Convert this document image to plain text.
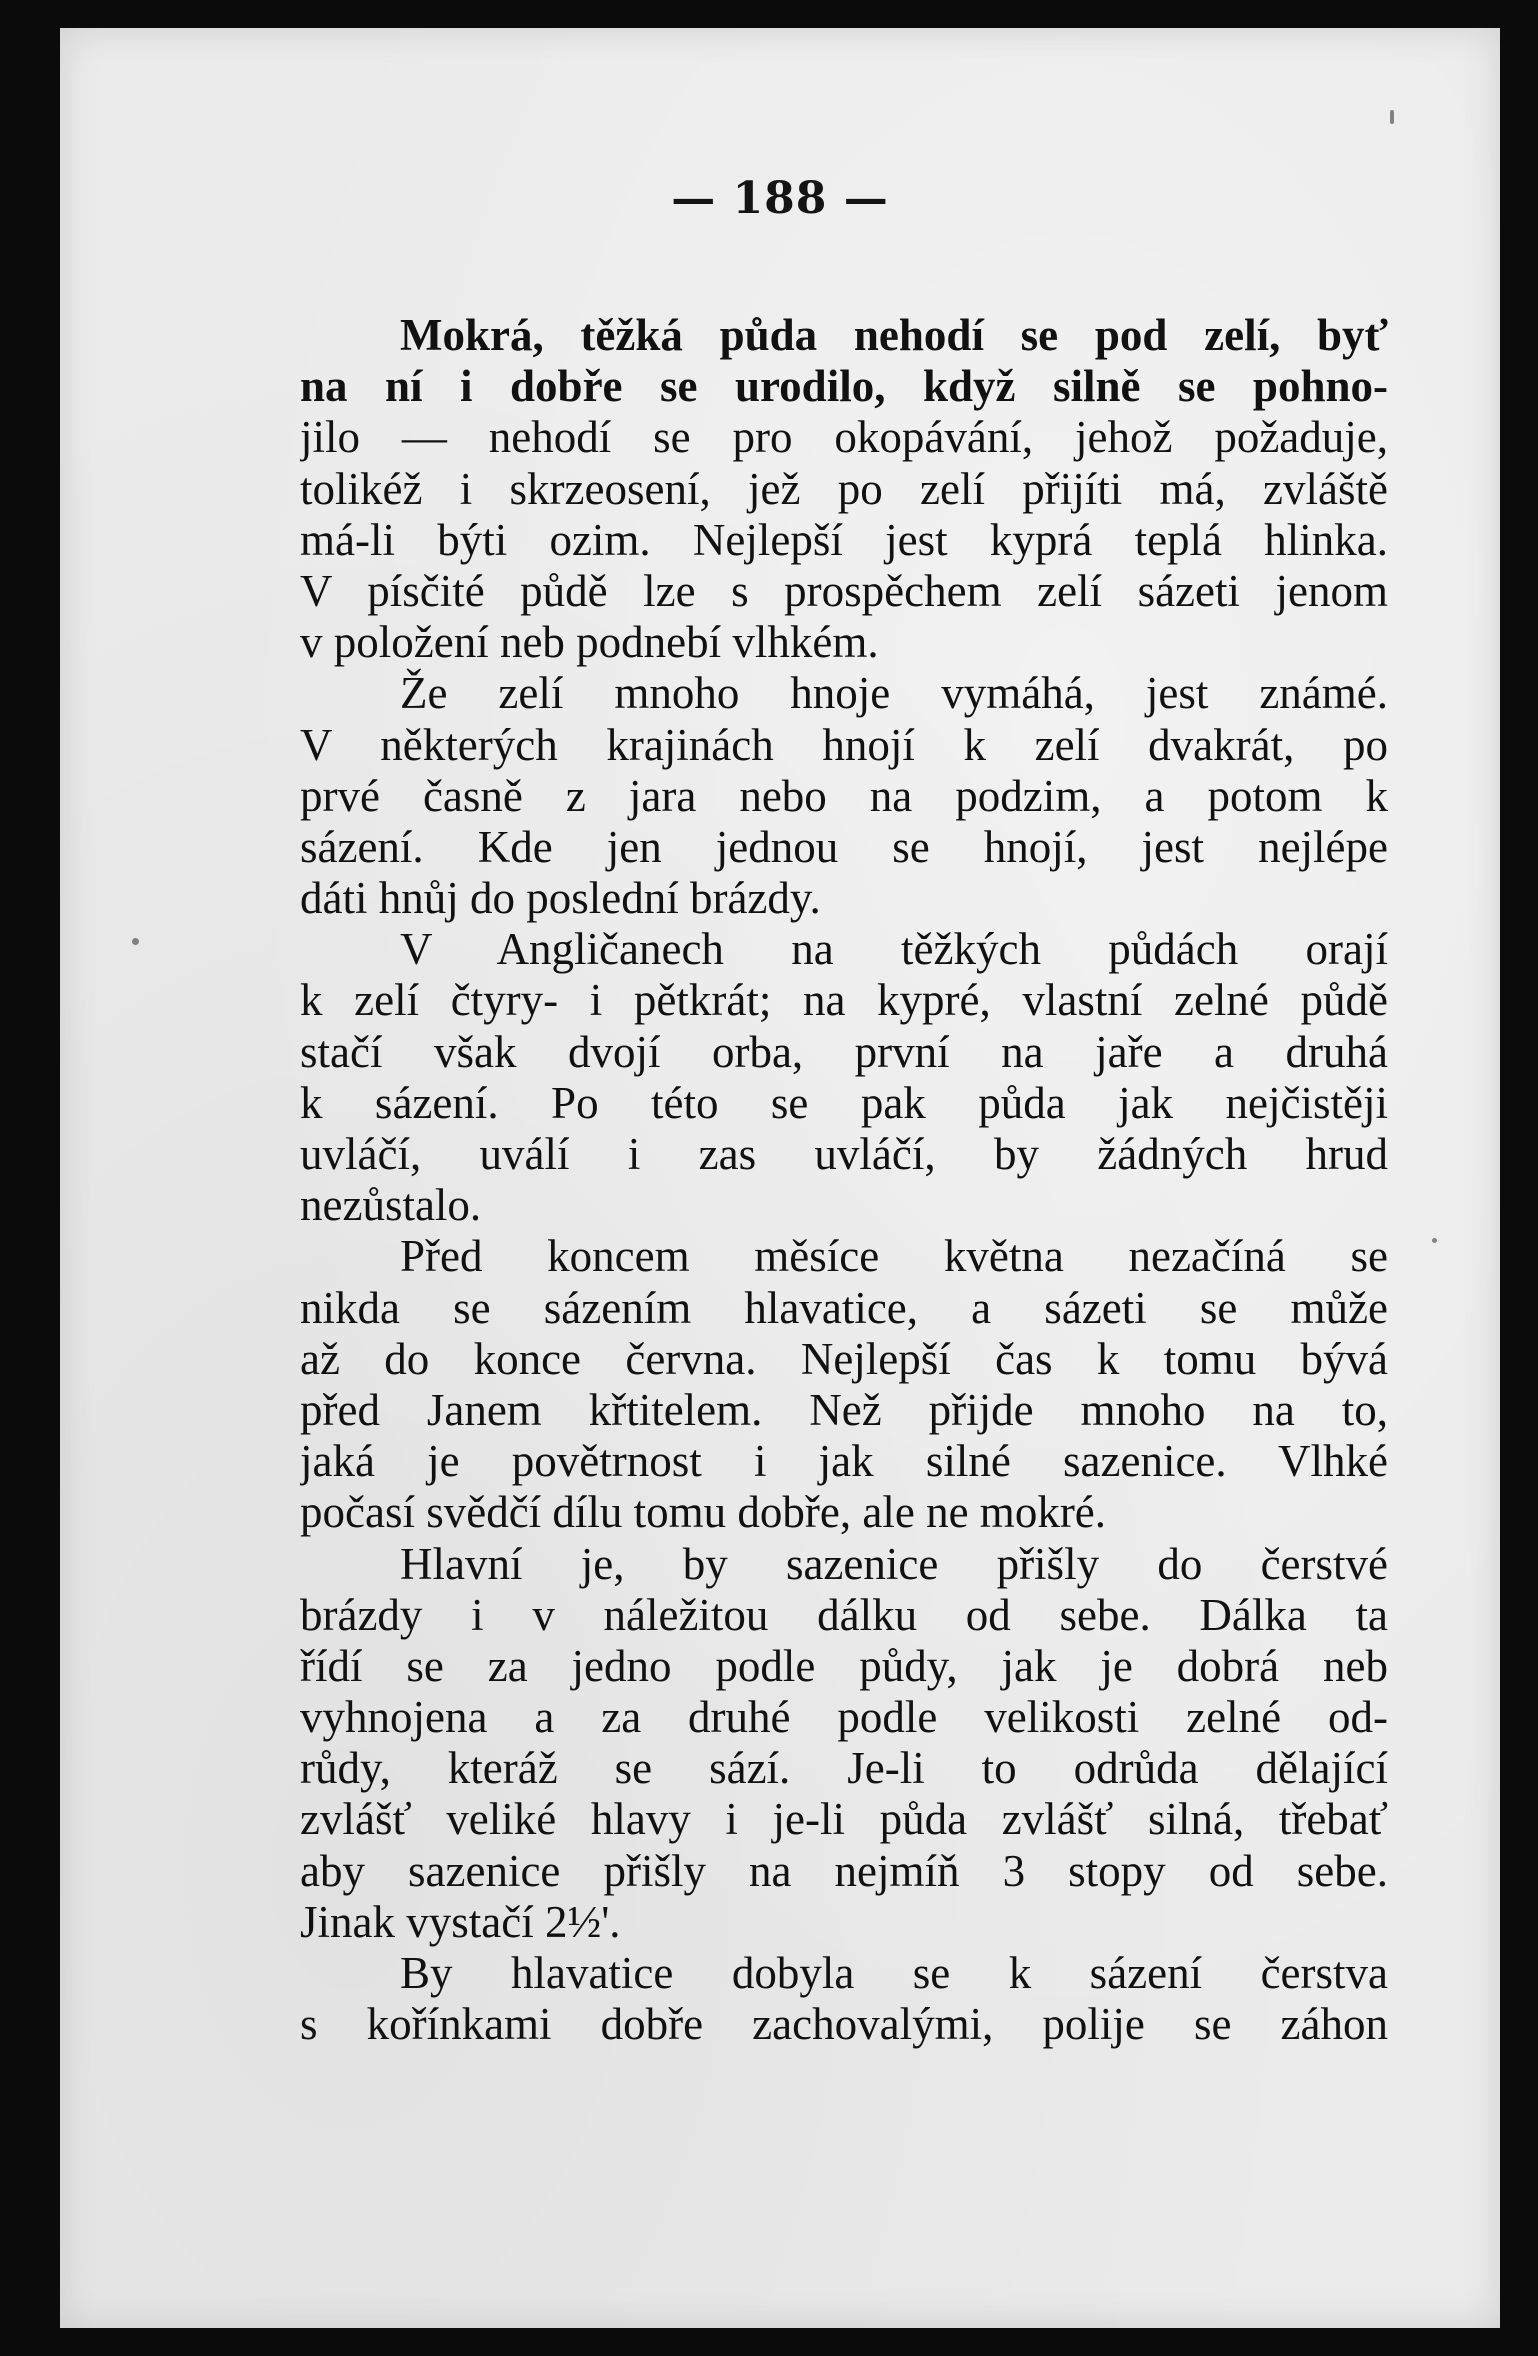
— 188 —
Mokrá, těžká půda nehodí se pod zelí, byť
na ní i dobře se urodilo, když silně se pohno-
jilo — nehodí se pro okopávání, jehož požaduje,
tolikéž i skrzeosení, jež po zelí přijíti má, zvláště
má-li býti ozim. Nejlepší jest kyprá teplá hlinka.
V písčité půdě lze s prospěchem zelí sázeti jenom
v položení neb podnebí vlhkém.
Že zelí mnoho hnoje vymáhá, jest známé.
V některých krajinách hnojí k zelí dvakrát, po
prvé časně z jara nebo na podzim, a potom k
sázení. Kde jen jednou se hnojí, jest nejlépe
dáti hnůj do poslední brázdy.
V Angličanech na těžkých půdách orají
k zelí čtyry- i pětkrát; na kypré, vlastní zelné půdě
stačí však dvojí orba, první na jaře a druhá
k sázení. Po této se pak půda jak nejčistěji
uvláčí, uválí i zas uvláčí, by žádných hrud
nezůstalo.
Před koncem měsíce května nezačíná se
nikda se sázením hlavatice, a sázeti se může
až do konce června. Nejlepší čas k tomu bývá
před Janem křtitelem. Než přijde mnoho na to,
jaká je povětrnost i jak silné sazenice. Vlhké
počasí svědčí dílu tomu dobře, ale ne mokré.
Hlavní je, by sazenice přišly do čerstvé
brázdy i v náležitou dálku od sebe. Dálka ta
řídí se za jedno podle půdy, jak je dobrá neb
vyhnojena a za druhé podle velikosti zelné od-
růdy, kteráž se sází. Je-li to odrůda dělající
zvlášť veliké hlavy i je-li půda zvlášť silná, třebať
aby sazenice přišly na nejmíň 3 stopy od sebe.
Jinak vystačí 2½'.
By hlavatice dobyla se k sázení čerstva
s kořínkami dobře zachovalými, polije se záhon
